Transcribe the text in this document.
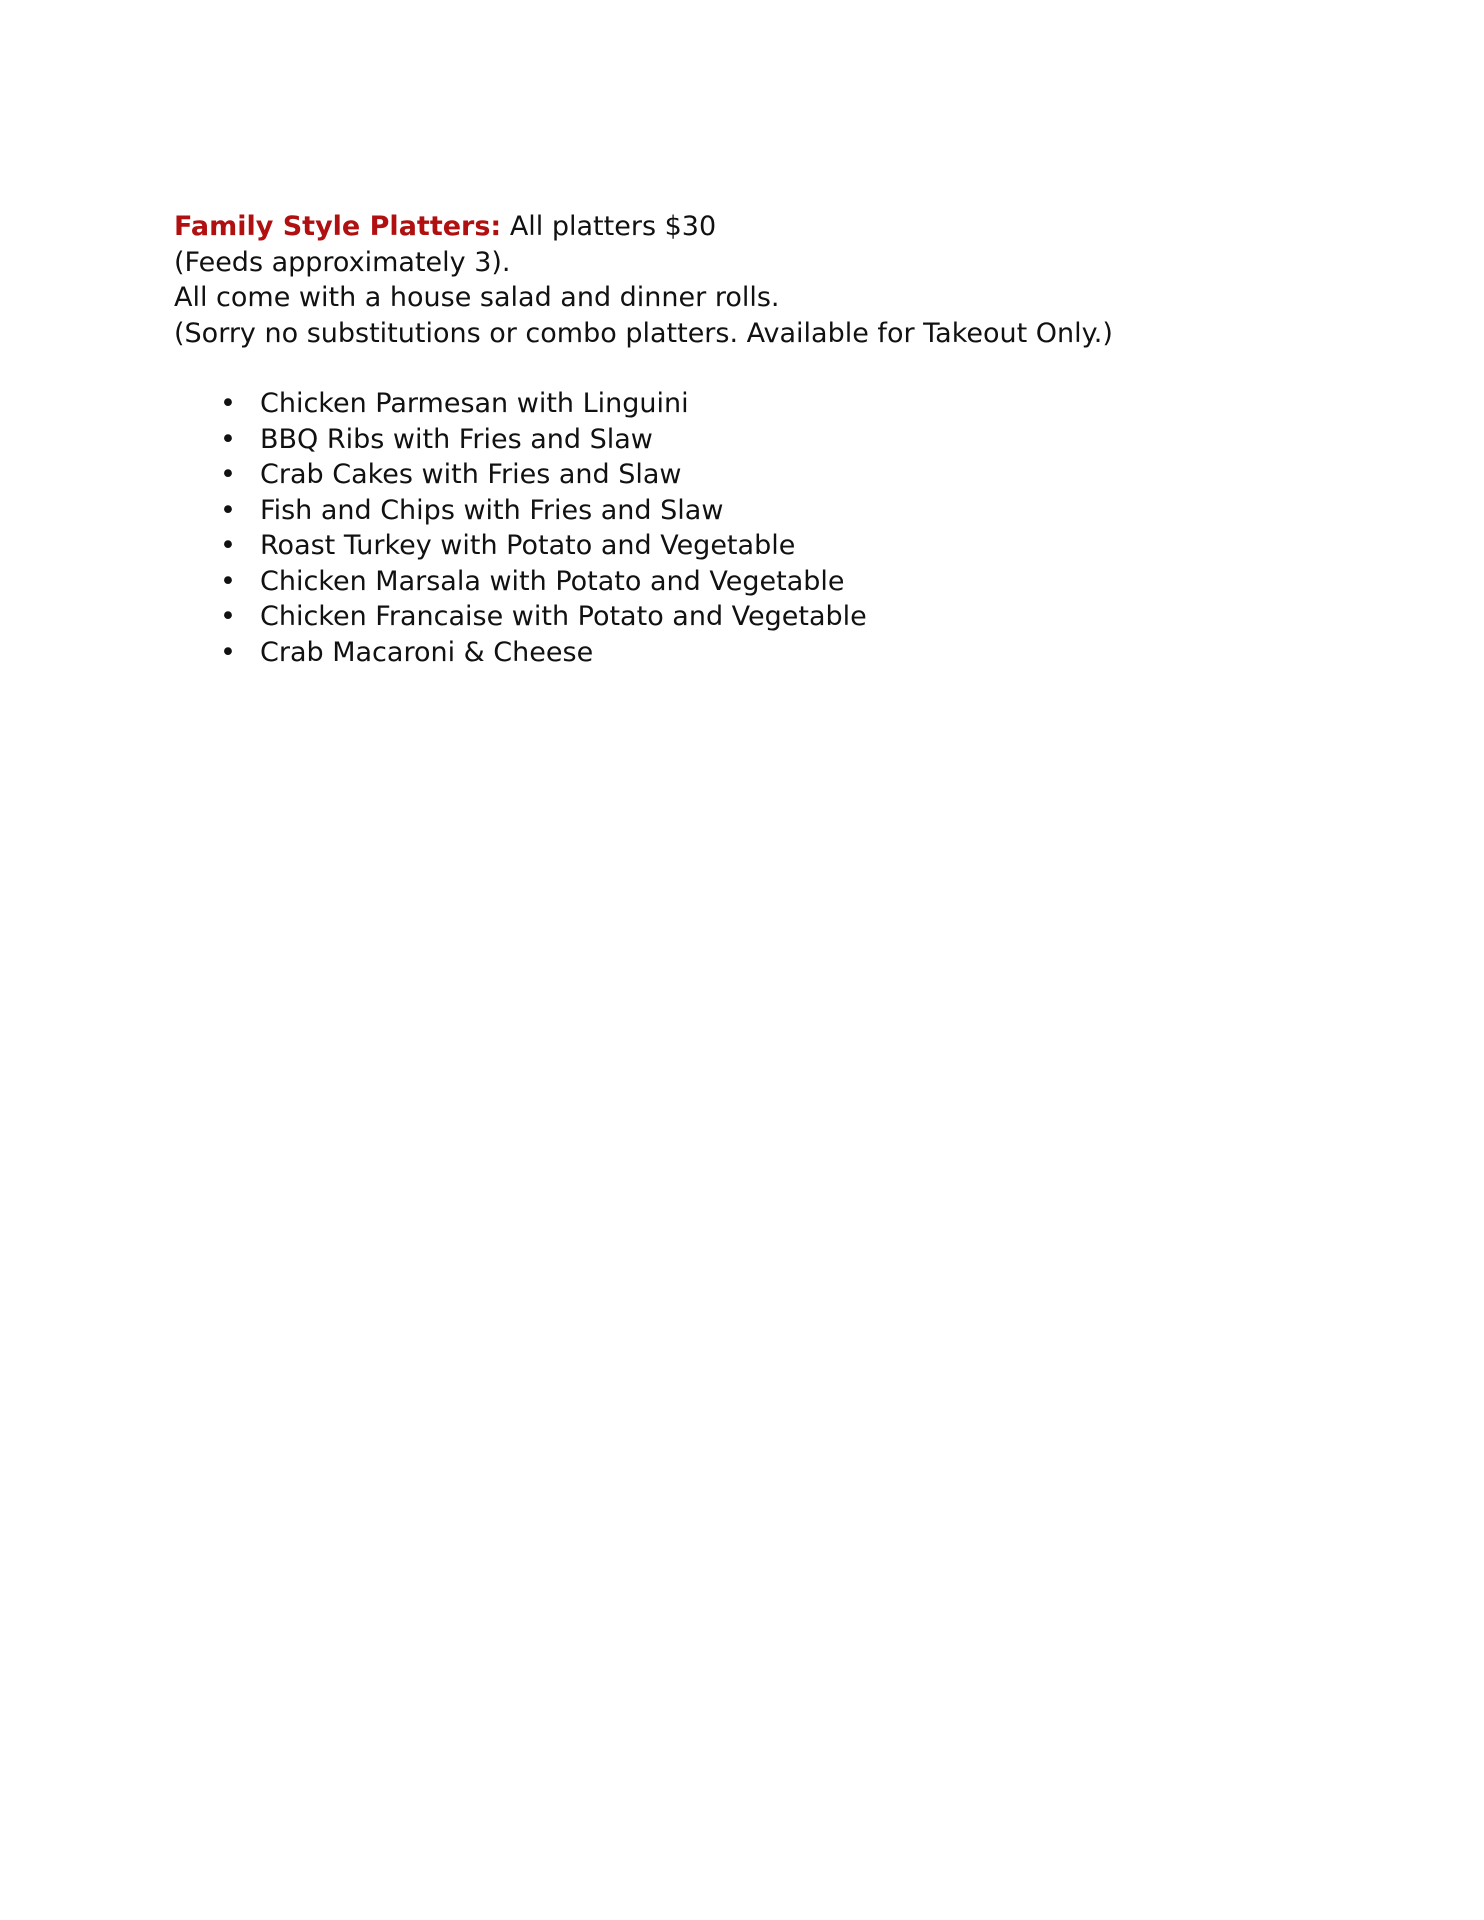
Family Style Platters: All platters $30
(Feeds approximately 3).
All come with a house salad and dinner rolls.
(Sorry no substitutions or combo platters. Available for Takeout Only.)
• Chicken Parmesan with Linguini
• BBQ Ribs with Fries and Slaw
• Crab Cakes with Fries and Slaw
• Fish and Chips with Fries and Slaw
• Roast Turkey with Potato and Vegetable
• Chicken Marsala with Potato and Vegetable
• Chicken Francaise with Potato and Vegetable
• Crab Macaroni & Cheese
